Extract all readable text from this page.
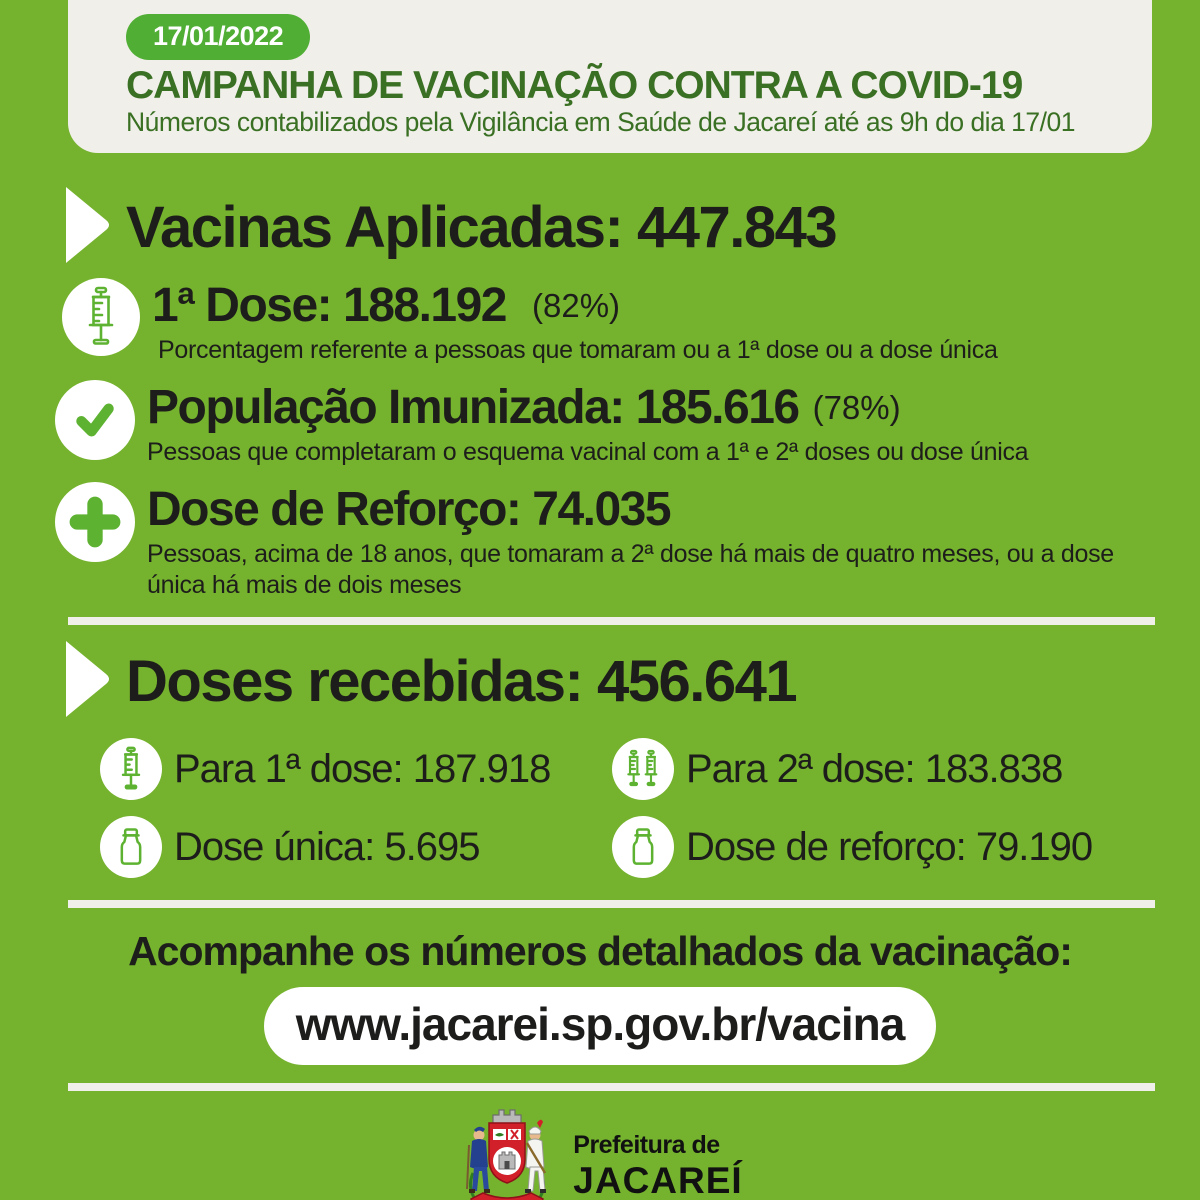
17/01/2022
CAMPANHA DE VACINAÇÃO CONTRA A COVID-19
Números contabilizados pela Vigilância em Saúde de Jacareí até as 9h do dia 17/01
Vacinas Aplicadas: 447.843
1ª Dose: 188.192 (82%)
Porcentagem referente a pessoas que tomaram ou a 1ª dose ou a dose única
População Imunizada: 185.616 (78%)
Pessoas que completaram o esquema vacinal com a 1ª e 2ª doses ou dose única
Dose de Reforço: 74.035
Pessoas, acima de 18 anos, que tomaram a 2ª dose há mais de quatro meses, ou a dose única há mais de dois meses
Doses recebidas: 456.641
Para 1ª dose: 187.918	Para 2ª dose: 183.838
Dose única: 5.695	Dose de reforço: 79.190
Acompanhe os números detalhados da vacinação:
www.jacarei.sp.gov.br/vacina
Prefeitura de
JACAREÍ
